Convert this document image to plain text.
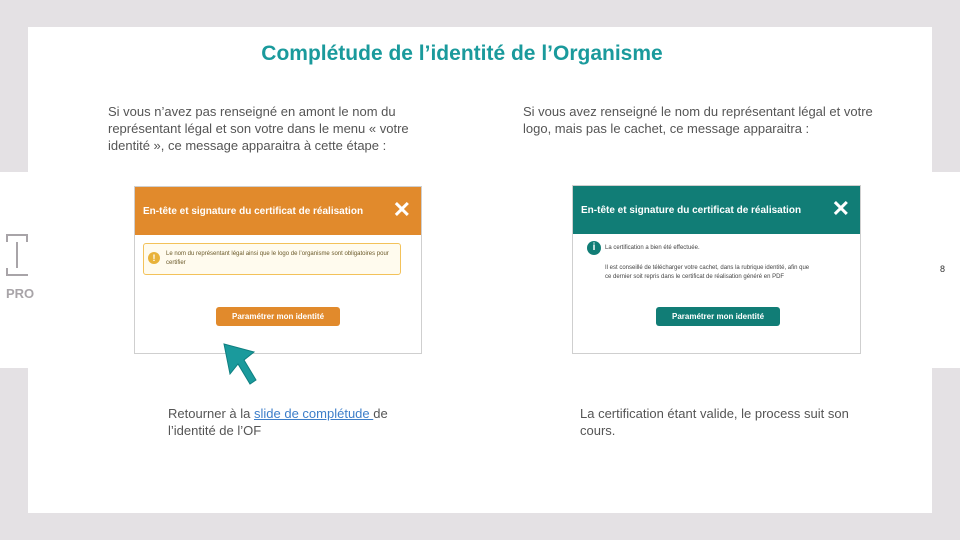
PRO
Complétude de l’identité de l’Organisme
Si vous n’avez pas renseigné en amont le nom du représentant légal et son votre dans le menu « votre identité », ce message apparaitra à cette étape :
Si vous avez renseigné le nom du représentant légal et votre logo, mais pas le cachet, ce message apparaitra :
8
En-tête et signature du certificat de réalisation ✕
!	Le nom du représentant légal ainsi que le logo de l’organisme sont obligatoires pour certifier
Paramétrer mon identité
En-tête et signature du certificat de réalisation ✕
i	La certification a bien été effectuée.
Il est conseillé de télécharger votre cachet, dans la rubrique identité, afin que
ce dernier soit repris dans le certificat de réalisation généré en PDF
Paramétrer mon identité
Retourner à la slide de complétude de l’identité de l’OF
La certification étant valide, le process suit son cours.
